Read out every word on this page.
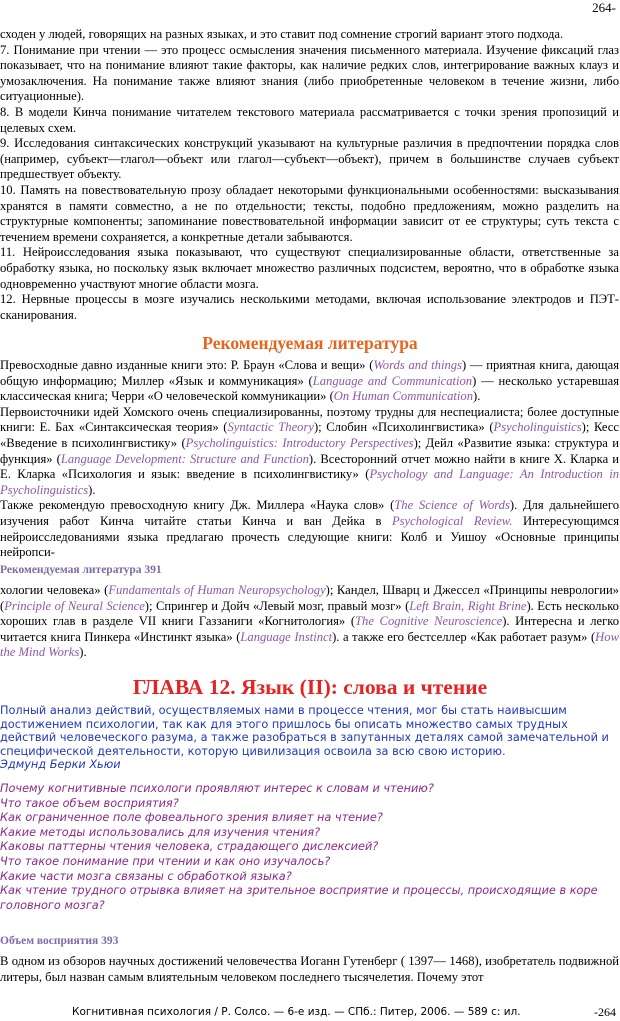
264-

сходен у людей, говорящих на разных языках, и это ставит под сомнение строгий вариант этого подхода.

7. Понимание при чтении — это процесс осмысления значения письменного материала. Изучение фиксаций глаз показывает, что на понимание влияют такие факторы, как наличие редких слов, интегрирование важных клауз и умозаключения. На понимание также влияют знания (либо приобретенные человеком в течение жизни, либо ситуационные).

8. В модели Кинча понимание читателем текстового материала рассматривается с точки зрения пропозиций и целевых схем.

9. Исследования синтаксических конструкций указывают на культурные различия в предпочтении порядка слов (например, субъект—глагол—объект или глагол—субъект—объект), причем в большинстве случаев субъект предшествует объекту.

10. Память на повествовательную прозу обладает некоторыми функциональными особенностями: высказывания хранятся в памяти совместно, а не по отдельности; тексты, подобно предложениям, можно разделить на структурные компоненты; запоминание повествовательной информации зависит от ее структуры; суть текста с течением времени сохраняется, а конкретные детали забываются.

11. Нейроисследования языка показывают, что существуют специализированные области, ответственные за обработку языка, но поскольку язык включает множество различных подсистем, вероятно, что в обработке языка одновременно участвуют многие области мозга.

12. Нервные процессы в мозге изучались несколькими методами, включая использование электродов и ПЭТ-сканирования.

Рекомендуемая литература

Превосходные давно изданные книги это: Р. Браун «Слова и вещи» (Words and things) — приятная книга, дающая общую информацию; Миллер «Язык и коммуникация» (Language and Communication) — несколько устаревшая классическая книга; Черри «О человеческой коммуникации» (On Human Communication).

Первоисточники идей Хомского очень специализированны, поэтому трудны для неспециалиста; более доступные книги: Е. Бах «Синтаксическая теория» (Syntactic Theory); Слобин «Психолингвистика» (Psycholinguistics); Кесс «Введение в психолингвистику» (Psycholinguistics: Introductory Perspectives); Дейл «Развитие языка: структура и функция» (Language Development: Structure and Function). Всесторонний отчет можно найти в книге Х. Кларка и Е. Кларка «Психология и язык: введение в психолингвистику» (Psychology and Language: An Introduction in Psycholinguistics).

Также рекомендую превосходную книгу Дж. Миллера «Наука слов» (The Science of Words). Для дальнейшего изучения работ Кинча читайте статьи Кинча и ван Дейка в Psychological Review. Интересующимся нейроисследованиями языка предлагаю прочесть следующие книги: Колб и Уишоу «Основные принципы нейропси-

Рекомендуемая литература 391

хологии человека» (Fundamentals of Human Neuropsychology); Кандел, Шварц и Джессел «Принципы неврологии» (Principle of Neural Science); Спрингер и Дойч «Левый мозг, правый мозг» (Left Brain, Right Brine). Есть несколько хороших глав в разделе VII книги Газзаниги «Когнитология» (The Cognitive Neuroscience). Интересна и легко читается книга Пинкера «Инстинкт языка» (Language Instinct). а также его бестселлер «Как работает разум» (How the Mind Works).

ГЛАВА 12. Язык (II): слова и чтение
Полный анализ действий, осуществляемых нами в процессе чтения, мог бы стать наивысшим достижением психологии, так как для этого пришлось бы описать множество самых трудных действий человеческого разума, а также разобраться в запутанных деталях самой замечательной и специфической деятельности, которую цивилизация освоила за всю свою историю.
Эдмунд Берки Хьюи
Почему когнитивные психологи проявляют интерес к словам и чтению?
Что такое объем восприятия?
Как ограниченное поле фовеального зрения влияет на чтение?
Какие методы использовались для изучения чтения?
Каковы паттерны чтения человека, страдающего дислексией?
Что такое понимание при чтении и как оно изучалось?
Какие части мозга связаны с обработкой языка?
Как чтение трудного отрывка влияет на зрительное восприятие и процессы, происходящие в коре головного мозга?
Объем восприятия 393

В одном из обзоров научных достижений человечества Иоганн Гутенберг ( 1397— 1468), изобретатель подвижной литеры, был назван самым влиятельным человеком последнего тысячелетия. Почему этот

Когнитивная психология / Р. Солсо. — 6-е изд. — СПб.: Питер, 2006. — 589 с: ил.	-264
